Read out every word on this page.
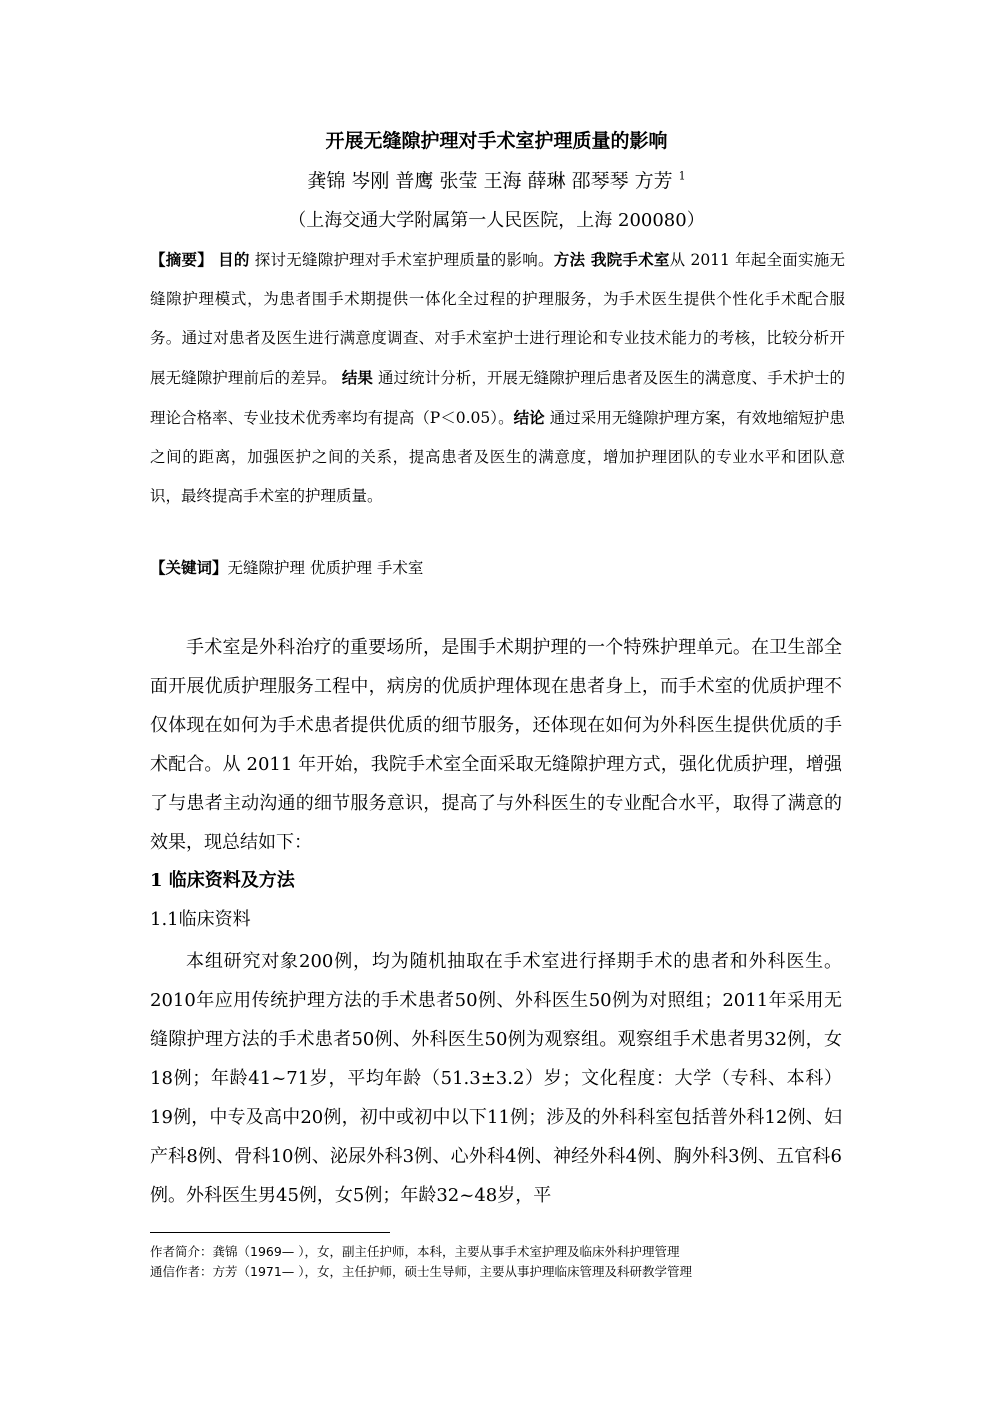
开展无缝隙护理对手术室护理质量的影响
龚锦 岑刚 普鹰 张莹 王海 薛琳 邵琴琴 方芳 $^1$
（上海交通大学附属第一人民医院，上海 200080）
【摘要】 目的 探讨无缝隙护理对手术室护理质量的影响。方法 我院手术室从 2011 年起全面实施无缝隙护理模式，为患者围手术期提供一体化全过程的护理服务，为手术医生提供个性化手术配合服务。通过对患者及医生进行满意度调查、对手术室护士进行理论和专业技术能力的考核，比较分析开展无缝隙护理前后的差异。 结果 通过统计分析，开展无缝隙护理后患者及医生的满意度、手术护士的理论合格率、专业技术优秀率均有提高（P＜0.05）。结论 通过采用无缝隙护理方案，有效地缩短护患之间的距离，加强医护之间的关系，提高患者及医生的满意度，增加护理团队的专业水平和团队意识，最终提高手术室的护理质量。
【关键词】无缝隙护理 优质护理 手术室
手术室是外科治疗的重要场所，是围手术期护理的一个特殊护理单元。在卫生部全面开展优质护理服务工程中，病房的优质护理体现在患者身上，而手术室的优质护理不仅体现在如何为手术患者提供优质的细节服务，还体现在如何为外科医生提供优质的手术配合。从 2011 年开始，我院手术室全面采取无缝隙护理方式，强化优质护理，增强了与患者主动沟通的细节服务意识，提高了与外科医生的专业配合水平，取得了满意的效果，现总结如下：
1 临床资料及方法
1.1临床资料
本组研究对象200例，均为随机抽取在手术室进行择期手术的患者和外科医生。2010年应用传统护理方法的手术患者50例、外科医生50例为对照组；2011年采用无缝隙护理方法的手术患者50例、外科医生50例为观察组。观察组手术患者男32例，女18例；年龄41~71岁，平均年龄（51.3±3.2）岁；文化程度：大学（专科、本科）19例，中专及高中20例，初中或初中以下11例；涉及的外科科室包括普外科12例、妇产科8例、骨科10例、泌尿外科3例、心外科4例、神经外科4例、胸外科3例、五官科6例。外科医生男45例，女5例；年龄32~48岁，平
作者简介：龚锦（1969— ），女，副主任护师，本科，主要从事手术室护理及临床外科护理管理
通信作者：方芳（1971— ），女，主任护师，硕士生导师，主要从事护理临床管理及科研教学管理
